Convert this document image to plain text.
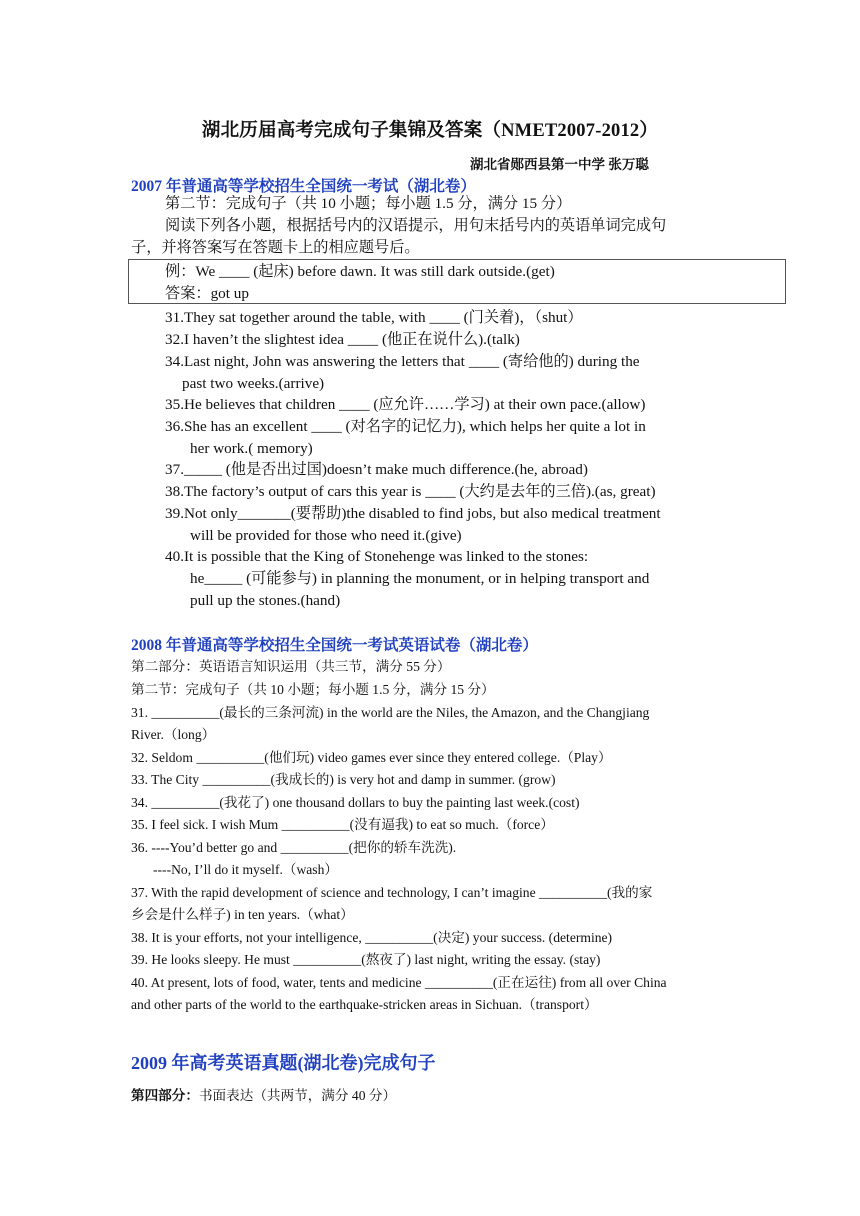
湖北历届高考完成句子集锦及答案（NMET2007-2012）
湖北省郧西县第一中学 张万聪
2007 年普通高等学校招生全国统一考试（湖北卷）
第二节：完成句子（共 10 小题；每小题 1.5 分，满分 15 分）
阅读下列各小题，根据括号内的汉语提示，用句末括号内的英语单词完成句
子，并将答案写在答题卡上的相应题号后。
例：We ____ (起床) before dawn. It was still dark outside.(get)
答案：got up
31.They sat together around the table, with ____ (门关着)，（shut）
32.I haven’t the slightest idea ____ (他正在说什么).(talk)
34.Last night, John was answering the letters that ____ (寄给他的) during the
past two weeks.(arrive)
35.He believes that children ____ (应允许……学习) at their own pace.(allow)
36.She has an excellent ____ (对名字的记忆力), which helps her quite a lot in
her work.( memory)
37._____ (他是否出过国)doesn’t make much difference.(he, abroad)
38.The factory’s output of cars this year is ____ (大约是去年的三倍).(as, great)
39.Not only_______(要帮助)the disabled to find jobs, but also medical treatment
will be provided for those who need it.(give)
40.It is possible that the King of Stonehenge was linked to the stones:
he_____ (可能参与) in planning the monument, or in helping transport and
pull up the stones.(hand)
2008 年普通高等学校招生全国统一考试英语试卷（湖北卷）
第二部分：英语语言知识运用（共三节，满分 55 分）
第二节：完成句子（共 10 小题；每小题 1.5 分，满分 15 分）
31. __________(最长的三条河流) in the world are the Niles, the Amazon, and the Changjiang
River.（long）
32. Seldom __________(他们玩) video games ever since they entered college.（Play）
33. The City __________(我成长的) is very hot and damp in summer. (grow)
34. __________(我花了) one thousand dollars to buy the painting last week.(cost)
35. I feel sick. I wish Mum __________(没有逼我) to eat so much.（force）
36. ----You’d better go and __________(把你的轿车洗洗).
----No, I’ll do it myself.（wash）
37. With the rapid development of science and technology, I can’t imagine __________(我的家
乡会是什么样子) in ten years.（what）
38. It is your efforts, not your intelligence, __________(决定) your success. (determine)
39. He looks sleepy. He must __________(熬夜了) last night, writing the essay. (stay)
40. At present, lots of food, water, tents and medicine __________(正在运往) from all over China
and other parts of the world to the earthquake-stricken areas in Sichuan.（transport）
2009 年高考英语真题(湖北卷)完成句子
第四部分：书面表达（共两节，满分 40 分）
